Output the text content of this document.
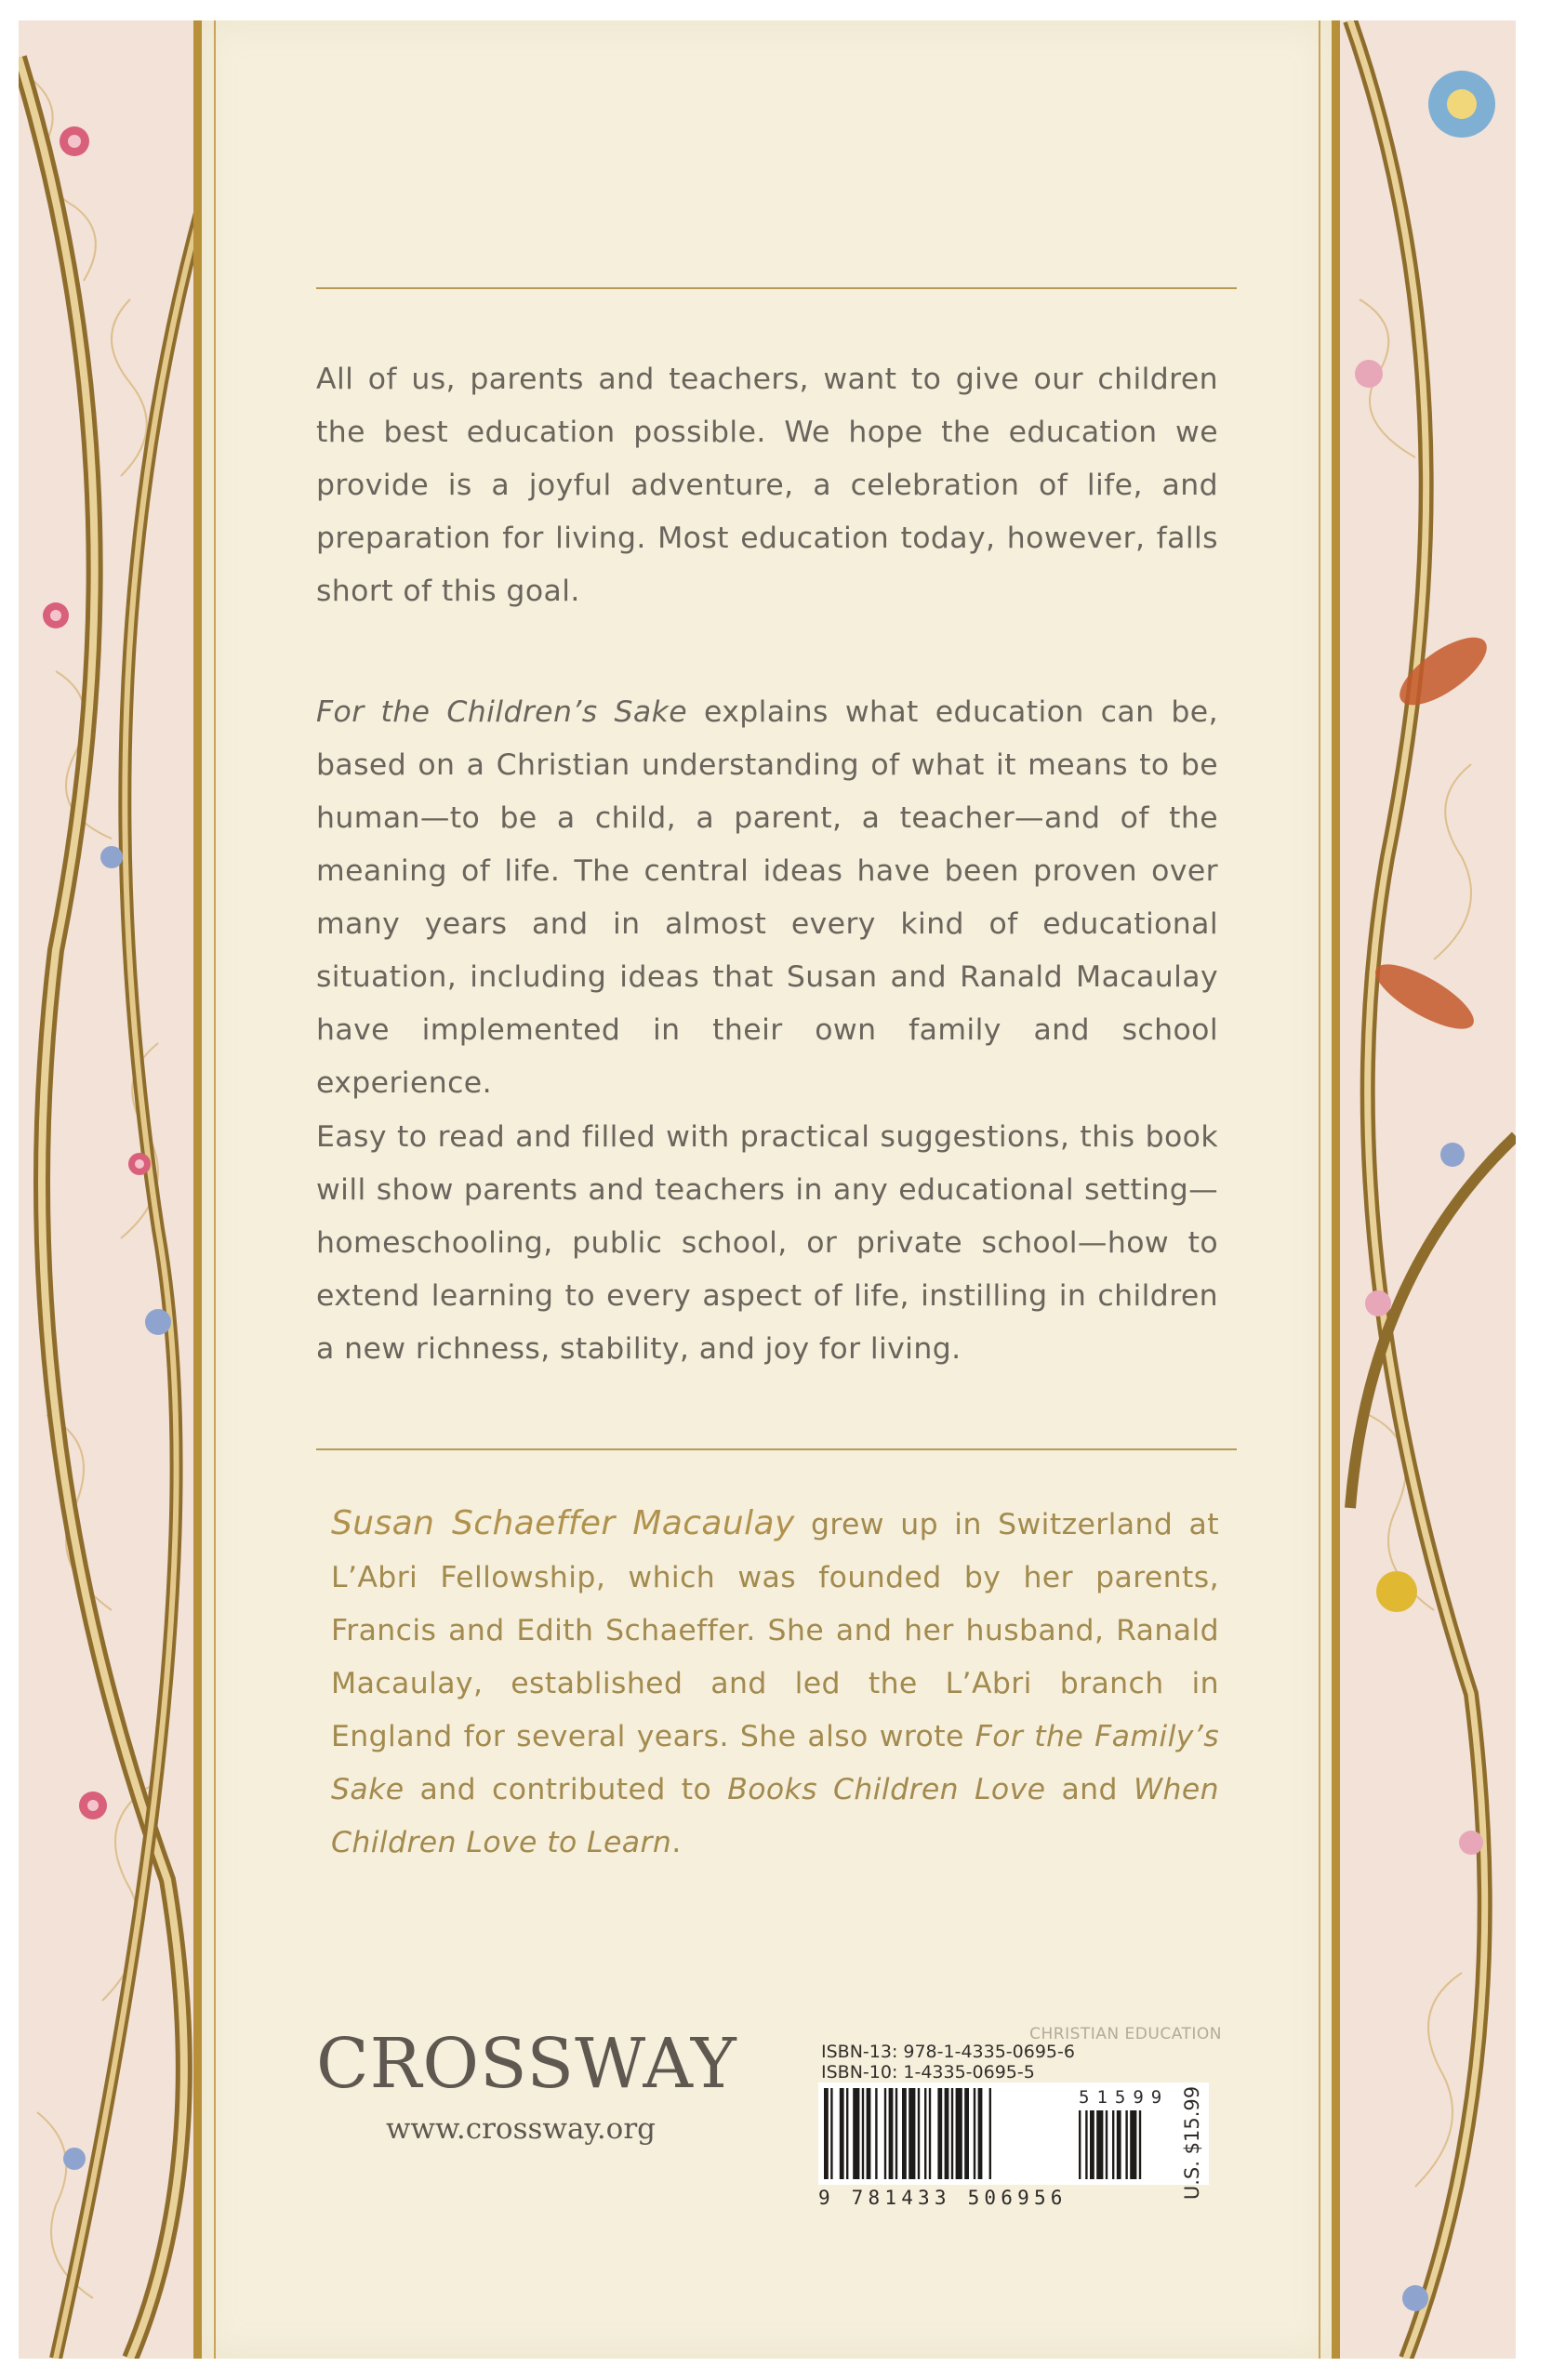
All of us, parents and teachers, want to give our children the best education possible. We hope the education we provide is a joyful adventure, a celebration of life, and preparation for living. Most education today, however, falls short of this goal.

For the Children’s Sake explains what education can be, based on a Christian understanding of what it means to be human—to be a child, a parent, a teacher—and of the meaning of life. The central ideas have been proven over many years and in almost every kind of educational situation, including ideas that Susan and Ranald Macaulay have implemented in their own family and school experience.

Easy to read and filled with practical suggestions, this book will show parents and teachers in any educational setting—homeschooling, public school, or private school—how to extend learning to every aspect of life, instilling in children a new richness, stability, and joy for living.

Susan Schaeffer Macaulay grew up in Switzerland at L’Abri Fellowship, which was founded by her parents, Francis and Edith Schaeffer. She and her husband, Ranald Macaulay, established and led the L’Abri branch in England for several years. She also wrote For the Family’s Sake and contributed to Books Children Love and When Children Love to Learn.
CROSSWAY
www.crossway.org
CHRISTIAN EDUCATION
ISBN-13: 978-1-4335-0695-6
ISBN-10: 1-4335-0695-5
9 781433 506956
51599 U.S. $15.99
